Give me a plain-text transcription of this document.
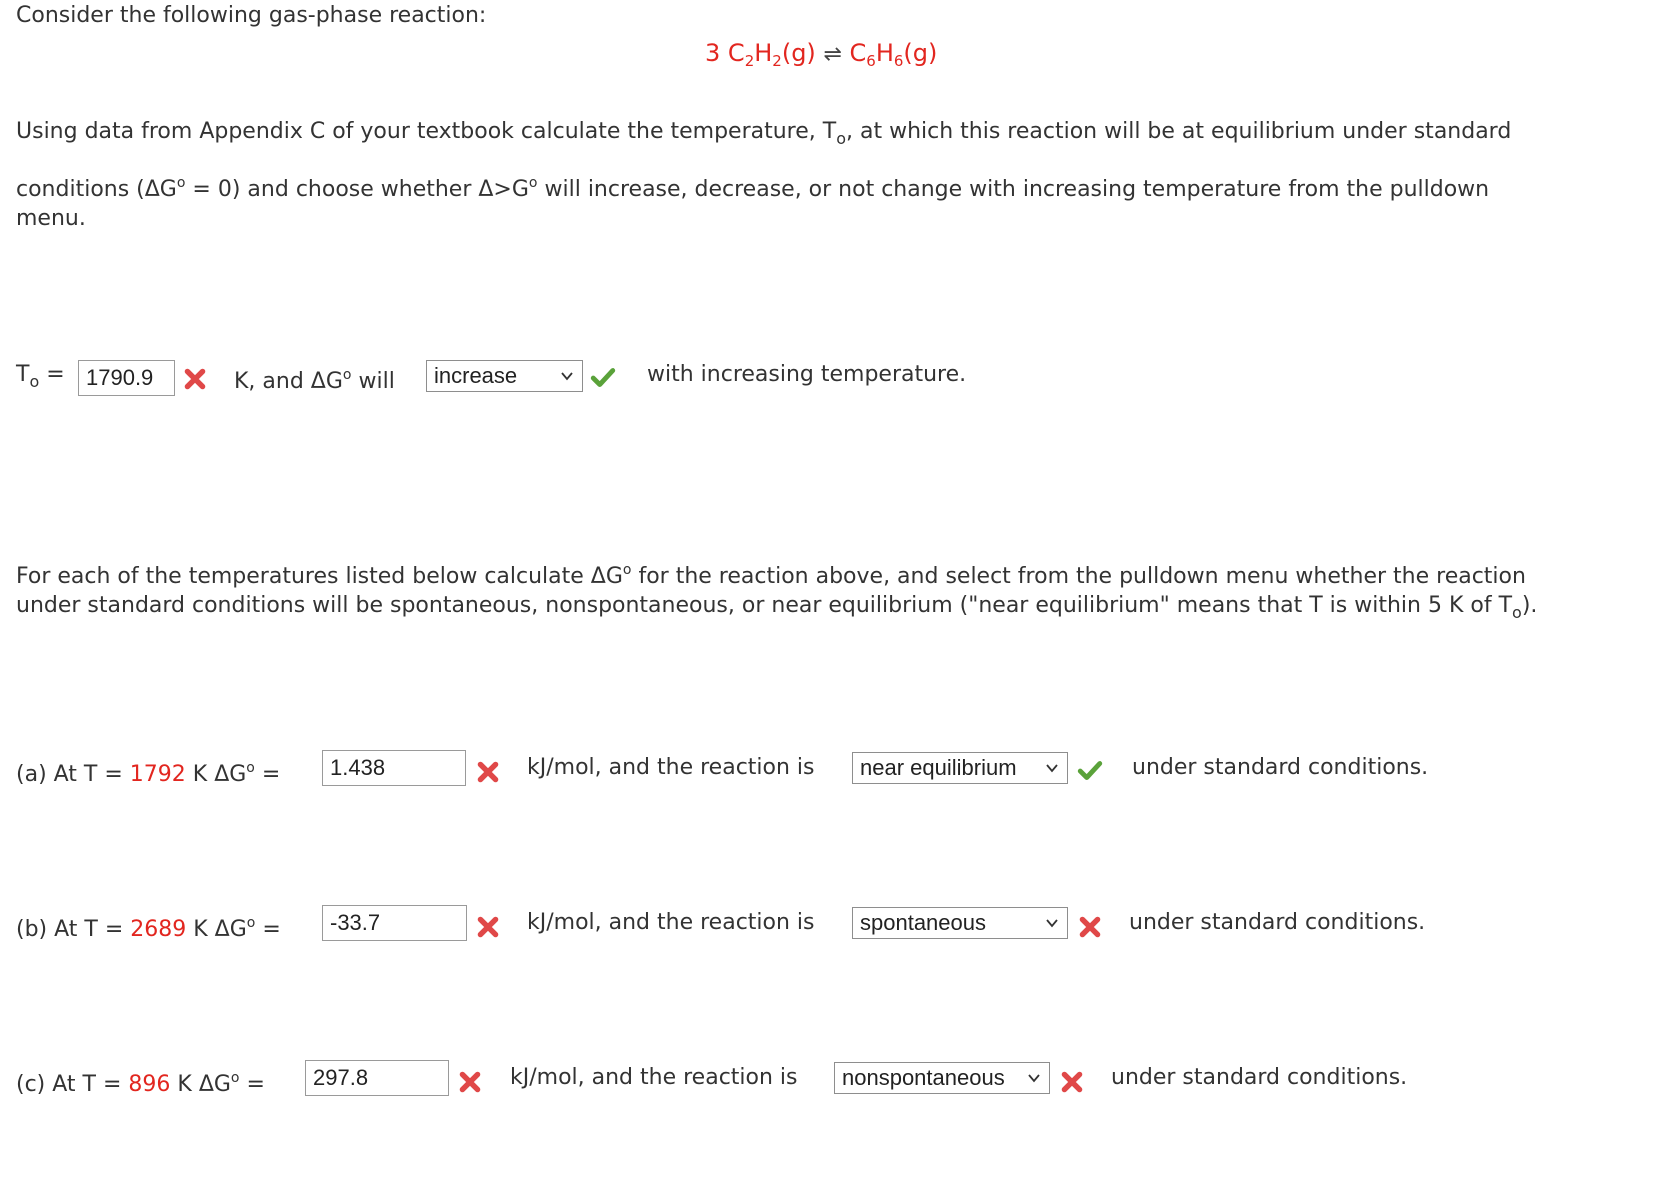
Consider the following gas-phase reaction:
3 $C_2H_2(g)$ ⇌ $C_6H_6(g)$
Using data from Appendix C of your textbook calculate the temperature, $T_o$, at which this reaction will be at equilibrium under standard
conditions $(\Delta G^o = 0)$ and choose whether $\Delta>G^o$ will increase, decrease, or not change with increasing temperature from the pulldown
menu.
$T_o = 1790.9$	K, and $\Delta G^o$ will	increase	with increasing temperature.
For each of the temperatures listed below calculate $\Delta G^o$ for the reaction above, and select from the pulldown menu whether the reaction
under standard conditions will be spontaneous, nonspontaneous, or near equilibrium ("near equilibrium" means that T is within 5 K of $T_o$).
(a) At T = 1792 K $\Delta G^o$ =	1.438	kJ/mol, and the reaction is	near equilibrium	under standard conditions.
(b) At T = 2689 K $\Delta G^o$ =	-33.7	kJ/mol, and the reaction is	spontaneous	under standard conditions.
(c) At T = 896 K $\Delta G^o$ =	297.8	kJ/mol, and the reaction is	nonspontaneous	under standard conditions.
